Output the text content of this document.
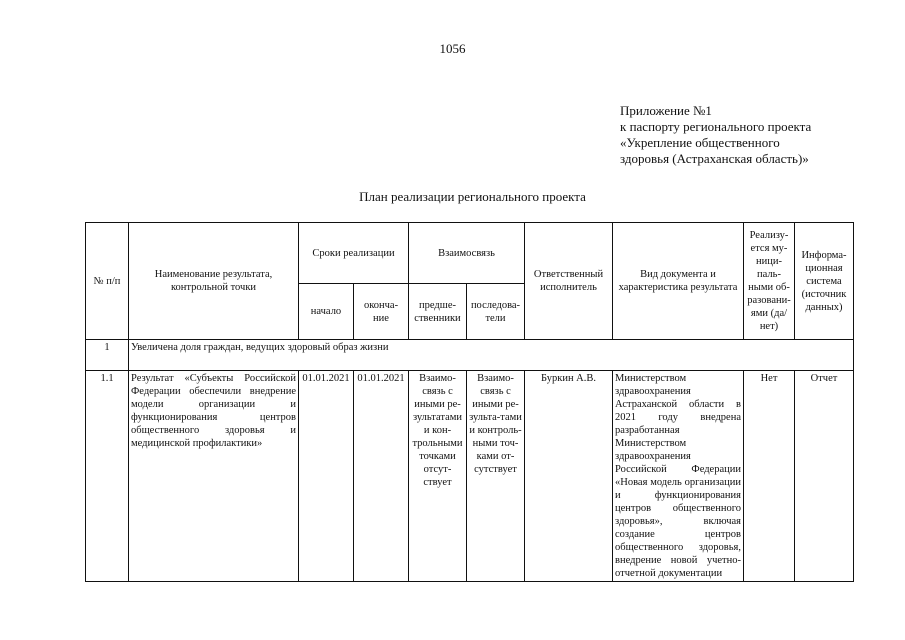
1056
Приложение №1
к паспорту регионального проекта
«Укрепление общественного
здоровья (Астраханская область)»
План реализации регионального проекта
№ п/п	Наименование результата, контрольной точки	Сроки реализации		Взаимосвязь		Ответственный исполнитель	Вид документа и характеристика результата	Реализу-ется му-ници-паль-ными об-разовани-ями (да/нет)	Информа-ционная система (источник данных)
		начало	оконча-ние	предше-ственники	последова-тели				
1	Увеличена доля граждан, ведущих здоровый образ жизни								
1.1	Результат «Субъекты Российской Федерации обеспечили внедрение модели организации и функционирования центров общественного здоровья и медицинской профилактики»	01.01.2021	01.01.2021	Взаимо-связь с иными ре-зультатами и кон-трольными точками отсут-ствует	Взаимо-связь с иными ре-зульта-тами и контроль-ными точ-ками от-сутствует	Буркин А.В.	Министерством здравоохранения Астраханской области в 2021 году внедрена разработанная Министерством здравоохранения Российской Федерации «Новая модель организации и функционирования центров общественного здоровья», включая создание центров общественного здоровья, внедрение новой учетно-отчетной документации	Нет	Отчет
